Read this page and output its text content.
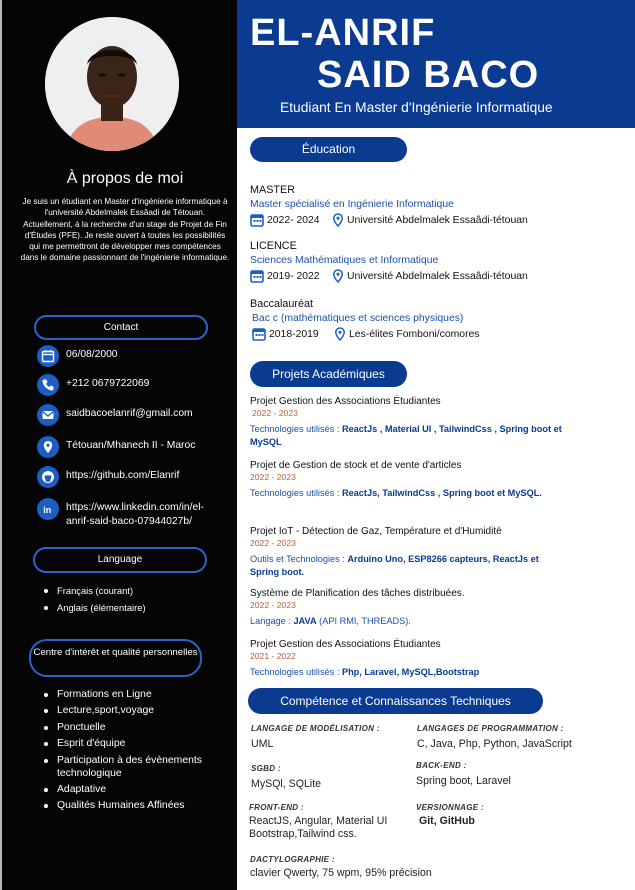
À propos de moi
Je suis un étudiant en Master d'ingénierie informatique à l'université Abdelmalek Essâadi de Tétouan. Actuellement, à la recherche d'un stage de Projet de Fin d'Études (PFE). Je reste ouvert à toutes les possibilités qui me permettront de développer mes compétences dans le domaine passionnant de l'ingénierie informatique.
Contact
06/08/2000
+212 0679722069
saidbacoelanrif@gmail.com
Tétouan/Mhanech II - Maroc
https://github.com/Elanrif
in https://www.linkedin.com/in/el-anrif-said-baco-07944027b/
Language
Français (courant)
Anglais (élémentaire)
Centre d'intérêt et qualité personnelles
Formations en Ligne
Lecture,sport,voyage
Ponctuelle
Esprit d'équipe
Participation à des évènements technologique
Adaptative
Qualités Humaines Affinées
EL-ANRIF
SAID BACO
Etudiant En Master d'Ingénierie Informatique
Éducation
MASTER
Master spécialisé en Ingénierie Informatique
2022- 2024	Université Abdelmalek Essaâdi-tétouan
LICENCE
Sciences Mathématiques et Informatique
2019- 2022	Université Abdelmalek Essaâdi-tétouan
Baccalauréat
Bac c (mathématiques et sciences physiques)
2018-2019	Les-élites Fomboni/comores
Projets Académiques
Projet Gestion des Associations Étudiantes
2022 - 2023
Technologies utilisés : ReactJs , Material UI , TailwindCss , Spring boot et MySQL
Projet de Gestion de stock et de vente d'articles
2022 - 2023
Technologies utilisés : ReactJs, TailwindCss , Spring boot et MySQL.
Projet IoT - Détection de Gaz, Température et d'Humidité
2022 - 2023
Outils et Technologies : Arduino Uno, ESP8266 capteurs, ReactJs et Spring boot.
Système de Planification des tâches distribuées.
2022 - 2023
Langage : JAVA (API RMI, THREADS).
Projet Gestion des Associations Étudiantes
2021 - 2022
Technologies utilisés : Php, Laravel, MySQL,Bootstrap
Compétence et Connaissances Techniques
LANGAGE DE MODÉLISATION :
UML
LANGAGES DE PROGRAMMATION :
C, Java, Php, Python, JavaScript
SGBD :
MySQl, SQLite
BACK-END :
Spring boot, Laravel
FRONT-END :
ReactJS, Angular, Material UI Bootstrap,Tailwind css.
VERSIONNAGE :
Git, GitHub
DACTYLOGRAPHIE :
clavier Qwerty, 75 wpm, 95% précision
